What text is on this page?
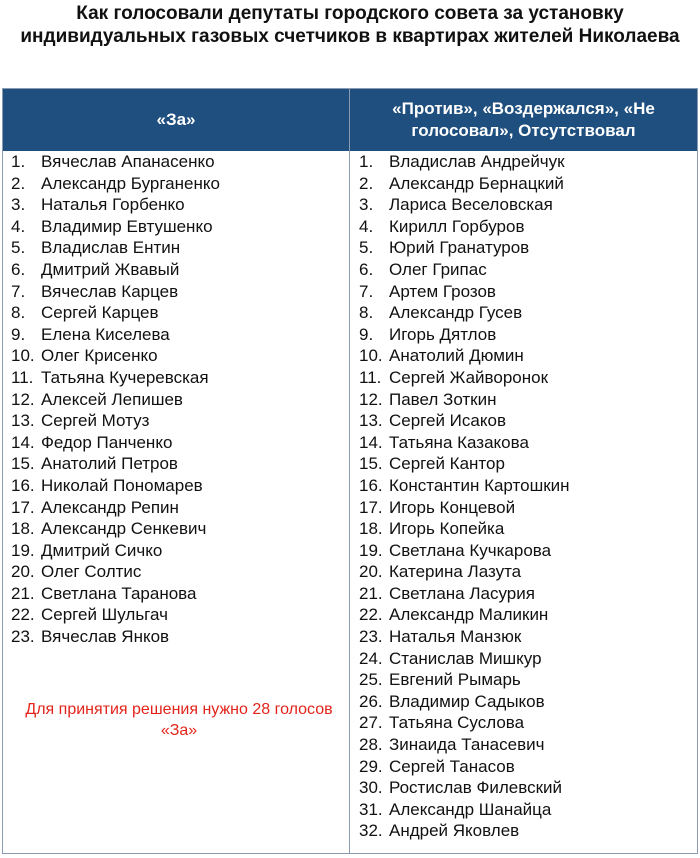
Как голосовали депутаты городского совета за установку индивидуальных газовых счетчиков в квартирах жителей Николаева
«За»
«Против», «Воздержался», «Не голосовал», Отсутствовал
1. Вячеслав Апанасенко
2. Александр Бурганенко
3. Наталья Горбенко
4. Владимир Евтушенко
5. Владислав Ентин
6. Дмитрий Жвавый
7. Вячеслав Карцев
8. Сергей Карцев
9. Елена Киселева
10. Олег Крисенко
11. Татьяна Кучеревская
12. Алексей Лепишев
13. Сергей Мотуз
14. Федор Панченко
15. Анатолий Петров
16. Николай Пономарев
17. Александр Репин
18. Александр Сенкевич
19. Дмитрий Сичко
20. Олег Солтис
21. Светлана Таранова
22. Сергей Шульгач
23. Вячеслав Янков
1. Владислав Андрейчук
2. Александр Бернацкий
3. Лариса Веселовская
4. Кирилл Горбуров
5. Юрий Гранатуров
6. Олег Грипас
7. Артем Грозов
8. Александр Гусев
9. Игорь Дятлов
10. Анатолий Дюмин
11. Сергей Жайворонок
12. Павел Зоткин
13. Сергей Исаков
14. Татьяна Казакова
15. Сергей Кантор
16. Константин Картошкин
17. Игорь Концевой
18. Игорь Копейка
19. Светлана Кучкарова
20. Катерина Лазута
21. Светлана Ласурия
22. Александр Маликин
23. Наталья Манзюк
24. Станислав Мишкур
25. Евгений Рымарь
26. Владимир Садыков
27. Татьяна Суслова
28. Зинаида Танасевич
29. Сергей Танасов
30. Ростислав Филевский
31. Александр Шанайца
32. Андрей Яковлев
Для принятия решения нужно 28 голосов «За»
